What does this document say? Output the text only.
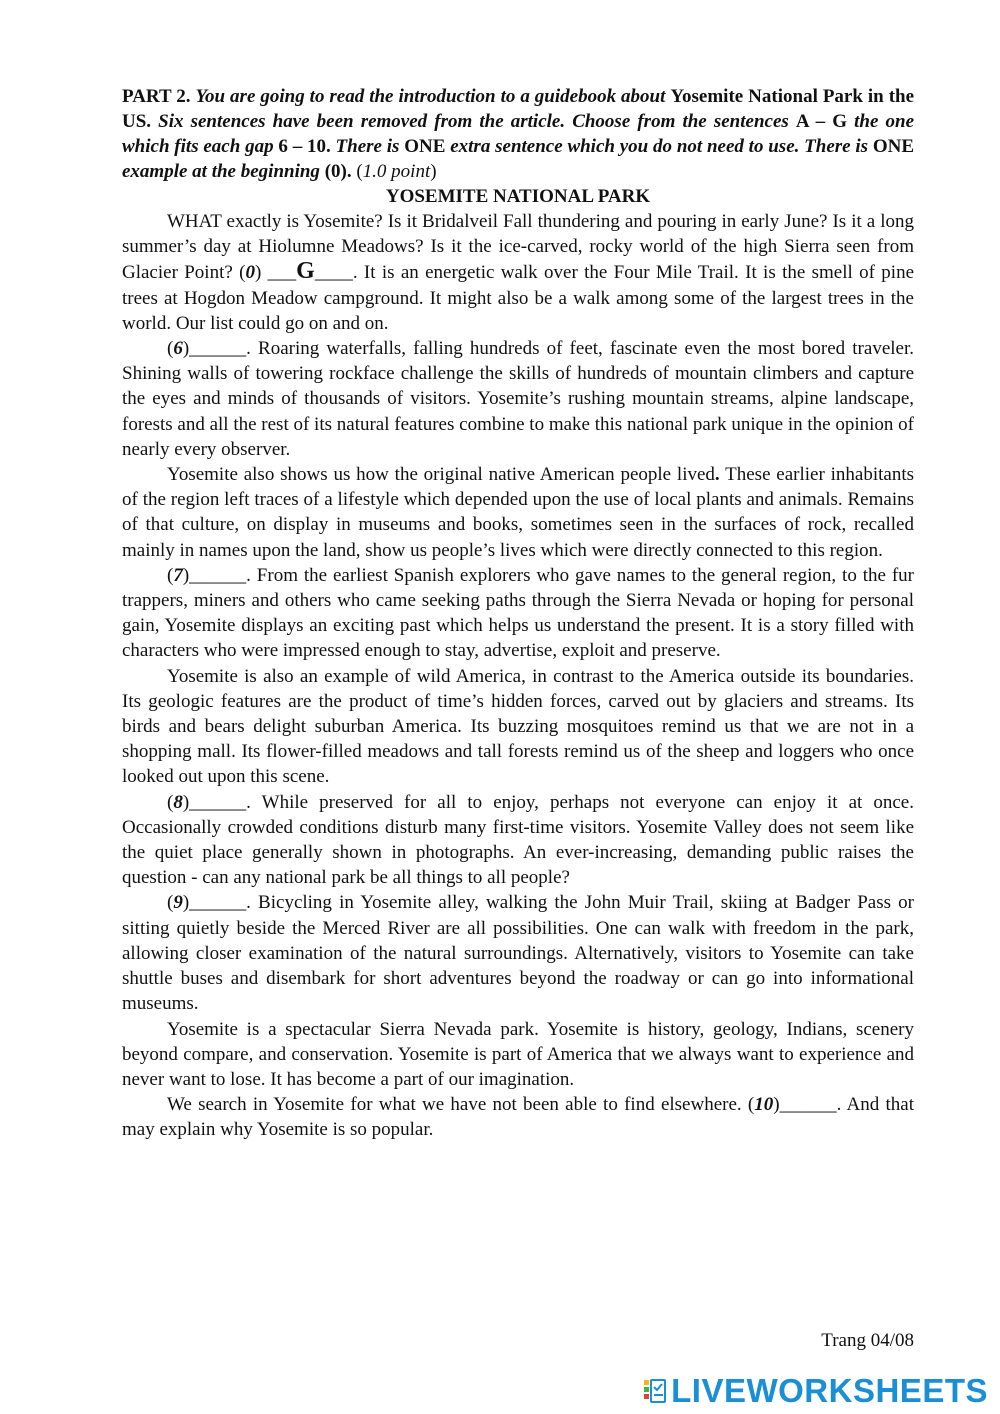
PART 2. You are going to read the introduction to a guidebook about Yosemite National Park in the US. Six sentences have been removed from the article. Choose from the sentences A – G the one which fits each gap 6 – 10. There is ONE extra sentence which you do not need to use. There is ONE example at the beginning (0). (1.0 point)

YOSEMITE NATIONAL PARK

WHAT exactly is Yosemite? Is it Bridalveil Fall thundering and pouring in early June? Is it a long summer’s day at Hiolumne Meadows? Is it the ice-carved, rocky world of the high Sierra seen from Glacier Point? (0) ___G____. It is an energetic walk over the Four Mile Trail. It is the smell of pine trees at Hogdon Meadow campground. It might also be a walk among some of the largest trees in the world. Our list could go on and on.

(6)______. Roaring waterfalls, falling hundreds of feet, fascinate even the most bored traveler. Shining walls of towering rockface challenge the skills of hundreds of mountain climbers and capture the eyes and minds of thousands of visitors. Yosemite’s rushing mountain streams, alpine landscape, forests and all the rest of its natural features combine to make this national park unique in the opinion of nearly every observer.

Yosemite also shows us how the original native American people lived. These earlier inhabitants of the region left traces of a lifestyle which depended upon the use of local plants and animals. Remains of that culture, on display in museums and books, sometimes seen in the surfaces of rock, recalled mainly in names upon the land, show us people’s lives which were directly connected to this region.

(7)______. From the earliest Spanish explorers who gave names to the general region, to the fur trappers, miners and others who came seeking paths through the Sierra Nevada or hoping for personal gain, Yosemite displays an exciting past which helps us understand the present. It is a story filled with characters who were impressed enough to stay, advertise, exploit and preserve.

Yosemite is also an example of wild America, in contrast to the America outside its boundaries. Its geologic features are the product of time’s hidden forces, carved out by glaciers and streams. Its birds and bears delight suburban America. Its buzzing mosquitoes remind us that we are not in a shopping mall. Its flower-filled meadows and tall forests remind us of the sheep and loggers who once looked out upon this scene.

(8)______. While preserved for all to enjoy, perhaps not everyone can enjoy it at once. Occasionally crowded conditions disturb many first-time visitors. Yosemite Valley does not seem like the quiet place generally shown in photographs. An ever-increasing, demanding public raises the question - can any national park be all things to all people?

(9)______. Bicycling in Yosemite alley, walking the John Muir Trail, skiing at Badger Pass or sitting quietly beside the Merced River are all possibilities. One can walk with freedom in the park, allowing closer examination of the natural surroundings. Alternatively, visitors to Yosemite can take shuttle buses and disembark for short adventures beyond the roadway or can go into informational museums.

Yosemite is a spectacular Sierra Nevada park. Yosemite is history, geology, Indians, scenery beyond compare, and conservation. Yosemite is part of America that we always want to experience and never want to lose. It has become a part of our imagination.

We search in Yosemite for what we have not been able to find elsewhere. (10)______. And that may explain why Yosemite is so popular.

Trang 04/08
LIVEWORKSHEETS
